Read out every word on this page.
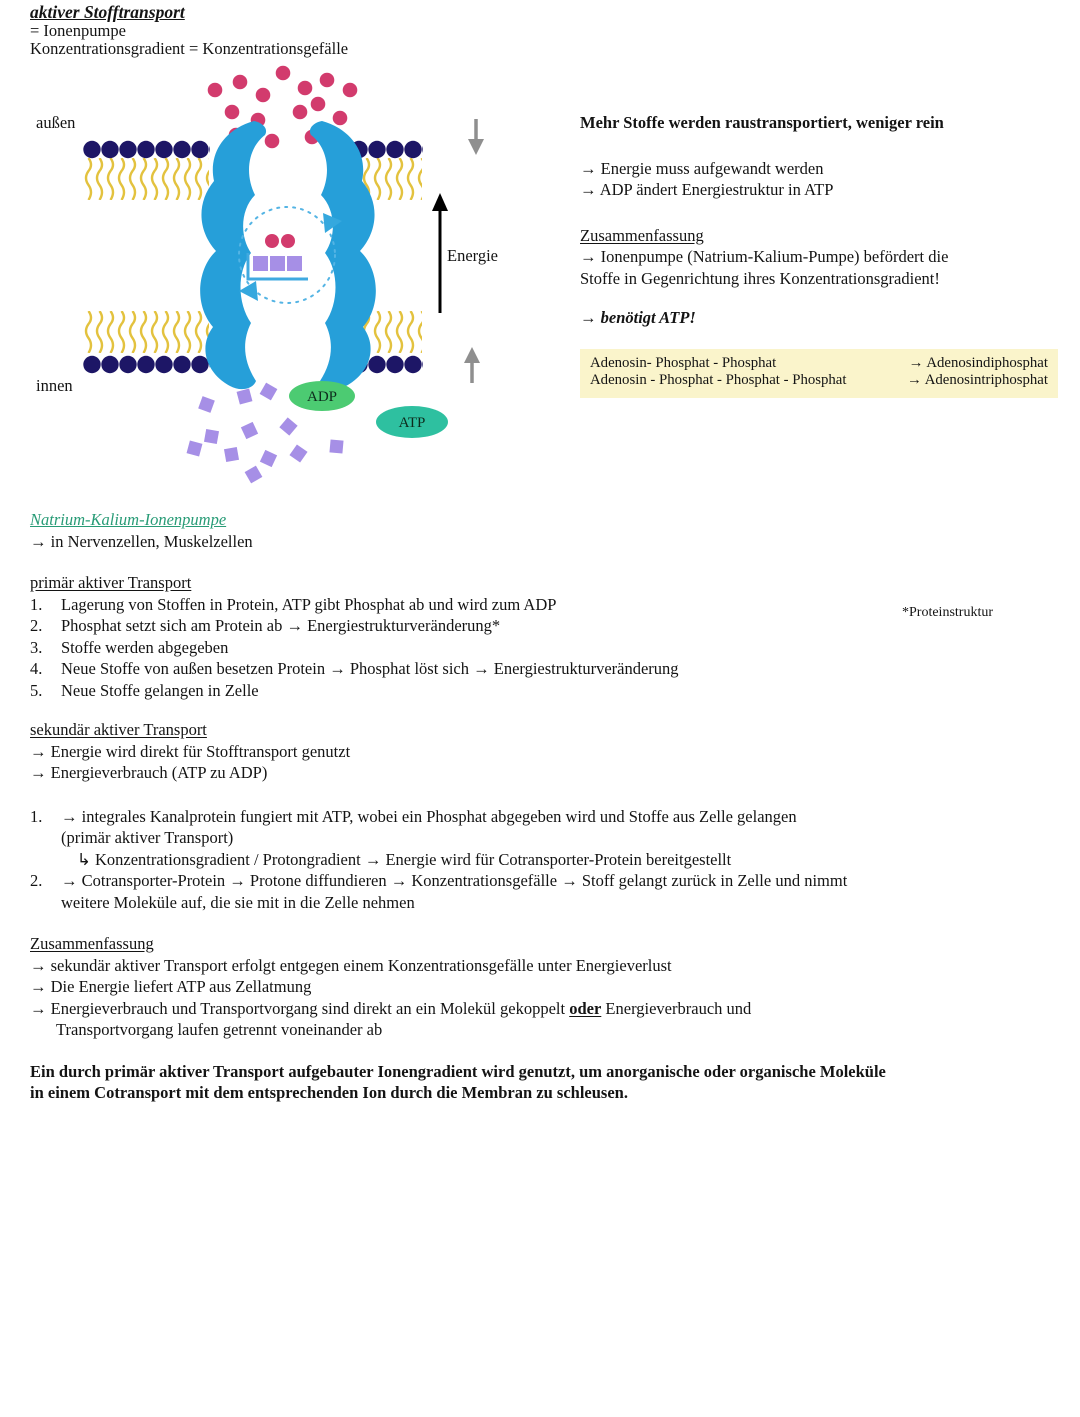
aktiver Stofftransport
= Ionenpumpe
Konzentrationsgradient = Konzentrationsgefälle
Energie
ADP
ATP
außen
innen
Mehr Stoffe werden raustransportiert, weniger rein
→ Energie muss aufgewandt werden
→ ADP ändert Energiestruktur in ATP
Zusammenfassung
→ Ionenpumpe (Natrium-Kalium-Pumpe) befördert die
Stoffe in Gegenrichtung ihres Konzentrationsgradient!
→ benötigt ATP!
Adenosin- Phosphat - Phosphat	→ Adenosindiphosphat
Adenosin - Phosphat - Phosphat - Phosphat	→ Adenosintriphosphat
*Proteinstruktur
Natrium-Kalium-Ionenpumpe
→ in Nervenzellen, Muskelzellen
primär aktiver Transport
1.	Lagerung von Stoffen in Protein, ATP gibt Phosphat ab und wird zum ADP
2.	Phosphat setzt sich am Protein ab → Energiestrukturveränderung*
3.	Stoffe werden abgegeben
4.	Neue Stoffe von außen besetzen Protein → Phosphat löst sich → Energiestrukturveränderung
5.	Neue Stoffe gelangen in Zelle
sekundär aktiver Transport
→ Energie wird direkt für Stofftransport genutzt
→ Energieverbrauch (ATP zu ADP)
1.	→ integrales Kanalprotein fungiert mit ATP, wobei ein Phosphat abgegeben wird und Stoffe aus Zelle gelangen
(primär aktiver Transport)
↳ Konzentrationsgradient / Protongradient → Energie wird für Cotransporter-Protein bereitgestellt
2.	→ Cotransporter-Protein → Protone diffundieren → Konzentrationsgefälle → Stoff gelangt zurück in Zelle und nimmt
weitere Moleküle auf, die sie mit in die Zelle nehmen
Zusammenfassung
→ sekundär aktiver Transport erfolgt entgegen einem Konzentrationsgefälle unter Energieverlust
→ Die Energie liefert ATP aus Zellatmung
→ Energieverbrauch und Transportvorgang sind direkt an ein Molekül gekoppelt oder Energieverbrauch und
Transportvorgang laufen getrennt voneinander ab
Ein durch primär aktiver Transport aufgebauter Ionengradient wird genutzt, um anorganische oder organische Moleküle
in einem Cotransport mit dem entsprechenden Ion durch die Membran zu schleusen.
